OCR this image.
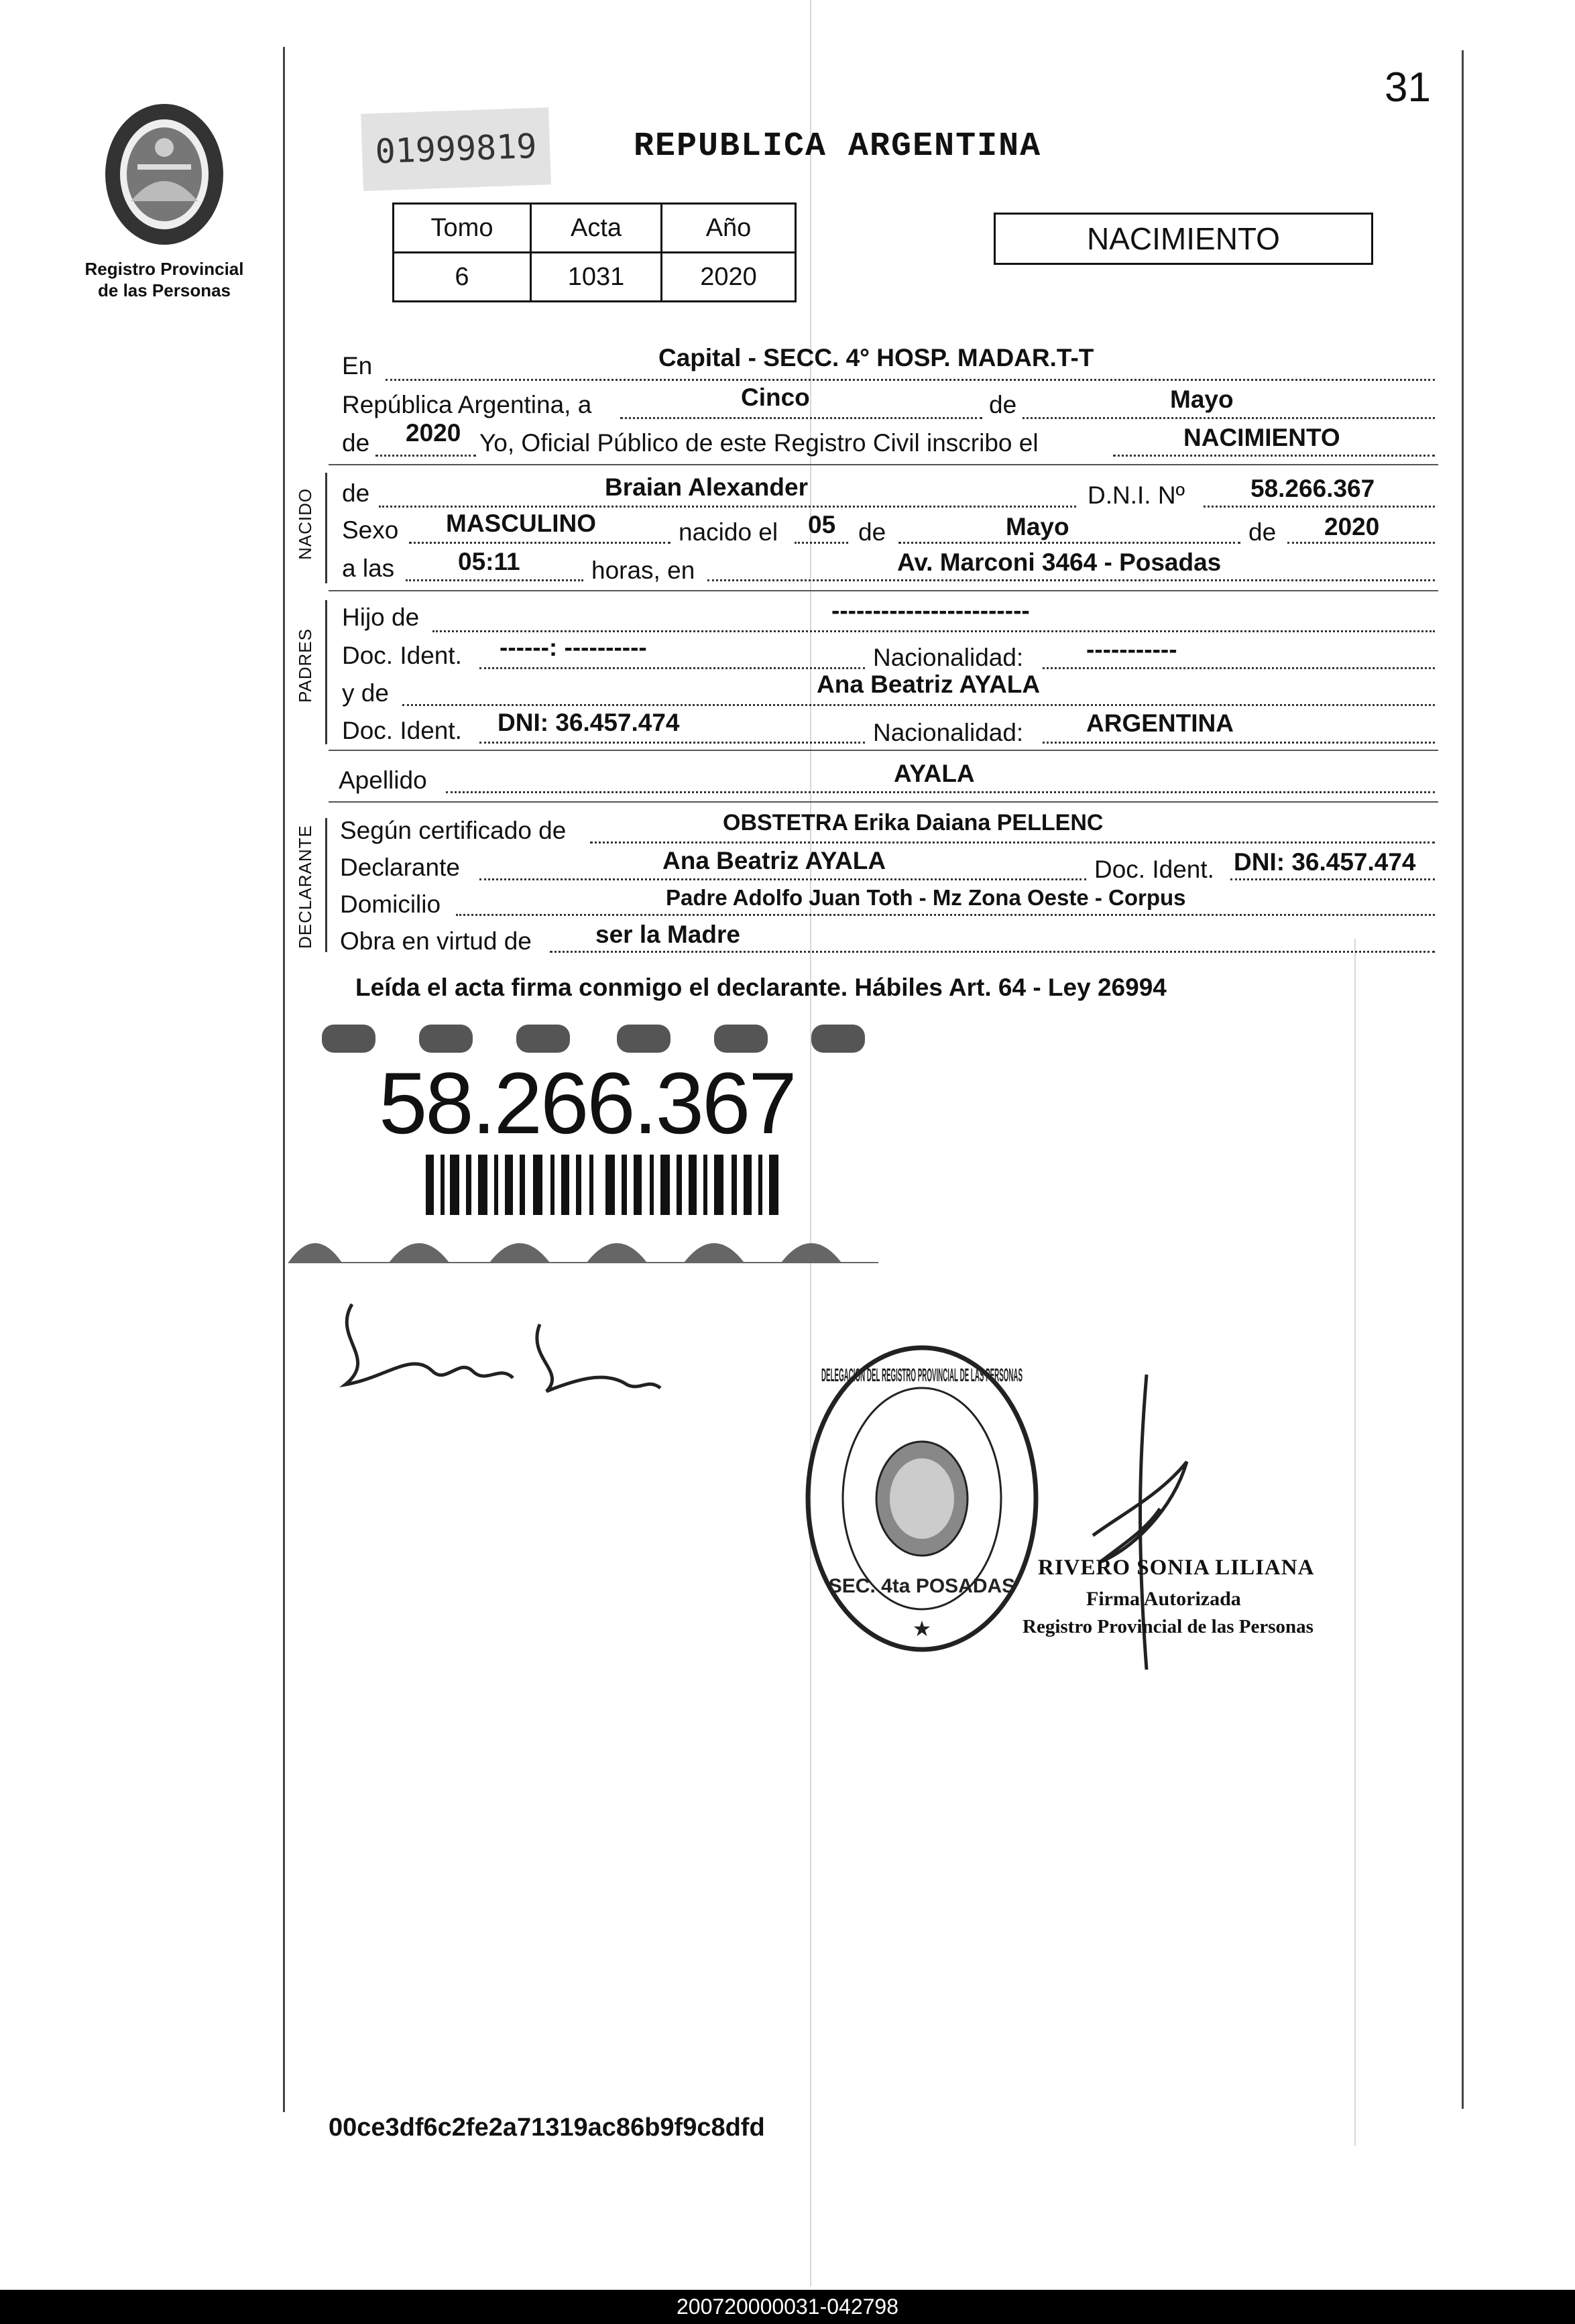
31
Registro Provincial
de las Personas
01999819	REPUBLICA ARGENTINA
Tomo	Acta	Año
6	1031	2020
NACIMIENTO
En	Capital - SECC. 4° HOSP. MADAR.T-T
República Argentina, a	Cinco	de	Mayo
de 2020 Yo, Oficial Público de este Registro Civil inscribo el	NACIMIENTO
NACIDO de	Braian Alexander	D.N.I. Nº	58.266.367
Sexo MASCULINO	nacido el 05 de	Mayo	de 2020
a las	05:11	horas, en	Av. Marconi 3464 - Posadas
PADRES
Hijo de	------------------------
Doc. Ident. ------: ----------	Nacionalidad:	-----------
y de	Ana Beatriz AYALA
Doc. Ident. DNI: 36.457.474	Nacionalidad:	ARGENTINA
Apellido	AYALA
DECLARANTE Según certificado de	OBSTETRA Erika Daiana PELLENC
Declarante	Ana Beatriz AYALA	Doc. Ident. DNI: 36.457.474
Domicilio	Padre Adolfo Juan Toth - Mz Zona Oeste - Corpus
Obra en virtud de	ser la Madre
Leída el acta firma conmigo el declarante. Hábiles Art. 64 - Ley 26994
58.266.367
DELEGACION DEL REGISTRO PROVINCIAL DE LAS PERSONAS
SEC. 4ta POSADAS
★
RIVERO SONIA LILIANA
Firma Autorizada
Registro Provincial de las Personas
00ce3df6c2fe2a71319ac86b9f9c8dfd
200720000031-042798
